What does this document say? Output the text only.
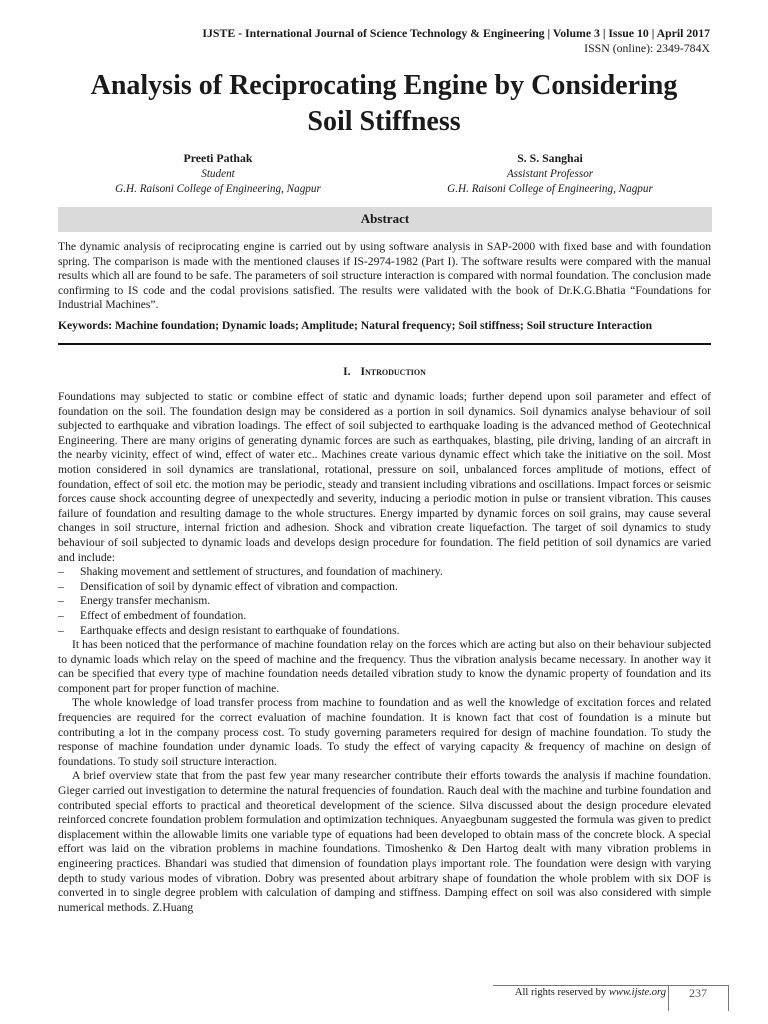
IJSTE - International Journal of Science Technology & Engineering | Volume 3 | Issue 10 | April 2017
ISSN (online): 2349-784X
Analysis of Reciprocating Engine by Considering
Soil Stiffness
Preeti Pathak
Student
G.H. Raisoni College of Engineering, Nagpur
S. S. Sanghai
Assistant Professor
G.H. Raisoni College of Engineering, Nagpur
Abstract

The dynamic analysis of reciprocating engine is carried out by using software analysis in SAP-2000 with fixed base and with foundation spring. The comparison is made with the mentioned clauses if IS-2974-1982 (Part I). The software results were compared with the manual results which all are found to be safe. The parameters of soil structure interaction is compared with normal foundation. The conclusion made confirming to IS code and the codal provisions satisfied. The results were validated with the book of Dr.K.G.Bhatia “Foundations for Industrial Machines”.

Keywords: Machine foundation; Dynamic loads; Amplitude; Natural frequency; Soil stiffness; Soil structure Interaction

I. Introduction

Foundations may subjected to static or combine effect of static and dynamic loads; further depend upon soil parameter and effect of foundation on the soil. The foundation design may be considered as a portion in soil dynamics. Soil dynamics analyse behaviour of soil subjected to earthquake and vibration loadings. The effect of soil subjected to earthquake loading is the advanced method of Geotechnical Engineering. There are many origins of generating dynamic forces are such as earthquakes, blasting, pile driving, landing of an aircraft in the nearby vicinity, effect of wind, effect of water etc.. Machines create various dynamic effect which take the initiative on the soil. Most motion considered in soil dynamics are translational, rotational, pressure on soil, unbalanced forces amplitude of motions, effect of foundation, effect of soil etc. the motion may be periodic, steady and transient including vibrations and oscillations. Impact forces or seismic forces cause shock accounting degree of unexpectedly and severity, inducing a periodic motion in pulse or transient vibration. This causes failure of foundation and resulting damage to the whole structures. Energy imparted by dynamic forces on soil grains, may cause several changes in soil structure, internal friction and adhesion. Shock and vibration create liquefaction. The target of soil dynamics to study behaviour of soil subjected to dynamic loads and develops design procedure for foundation. The field petition of soil dynamics are varied and include:

– Shaking movement and settlement of structures, and foundation of machinery.
– Densification of soil by dynamic effect of vibration and compaction.
– Energy transfer mechanism.
– Effect of embedment of foundation.
– Earthquake effects and design resistant to earthquake of foundations.

It has been noticed that the performance of machine foundation relay on the forces which are acting but also on their behaviour subjected to dynamic loads which relay on the speed of machine and the frequency. Thus the vibration analysis became necessary. In another way it can be specified that every type of machine foundation needs detailed vibration study to know the dynamic property of foundation and its component part for proper function of machine.

The whole knowledge of load transfer process from machine to foundation and as well the knowledge of excitation forces and related frequencies are required for the correct evaluation of machine foundation. It is known fact that cost of foundation is a minute but contributing a lot in the company process cost. To study governing parameters required for design of machine foundation. To study the response of machine foundation under dynamic loads. To study the effect of varying capacity & frequency of machine on design of foundations. To study soil structure interaction.

A brief overview state that from the past few year many researcher contribute their efforts towards the analysis if machine foundation. Gieger carried out investigation to determine the natural frequencies of foundation. Rauch deal with the machine and turbine foundation and contributed special efforts to practical and theoretical development of the science. Silva discussed about the design procedure elevated reinforced concrete foundation problem formulation and optimization techniques. Anyaegbunam suggested the formula was given to predict displacement within the allowable limits one variable type of equations had been developed to obtain mass of the concrete block. A special effort was laid on the vibration problems in machine foundations. Timoshenko & Den Hartog dealt with many vibration problems in engineering practices. Bhandari was studied that dimension of foundation plays important role. The foundation were design with varying depth to study various modes of vibration. Dobry was presented about arbitrary shape of foundation the whole problem with six DOF is converted in to single degree problem with calculation of damping and stiffness. Damping effect on soil was also considered with simple numerical methods. Z.Huang

All rights reserved by www.ijste.org	237
